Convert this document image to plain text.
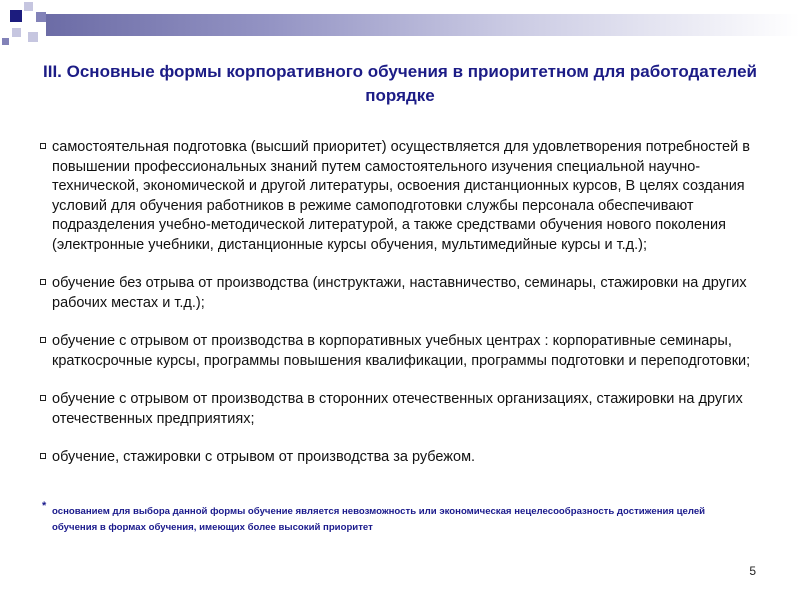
III. Основные формы корпоративного обучения в приоритетном для работодателей порядке
самостоятельная подготовка (высший приоритет) осуществляется для удовлетворения потребностей в повышении профессиональных знаний путем самостоятельного изучения специальной научно-технической, экономической и другой литературы, освоения дистанционных курсов, В целях создания условий для обучения работников в режиме самоподготовки службы персонала обеспечивают подразделения учебно-методической литературой, а также средствами обучения нового поколения (электронные учебники, дистанционные курсы обучения, мультимедийные курсы и т.д.);
обучение без отрыва от производства (инструктажи, наставничество, семинары, стажировки на других рабочих местах и т.д.);
обучение с отрывом от производства в корпоративных учебных центрах : корпоративные семинары, краткосрочные курсы, программы повышения квалификации, программы подготовки и переподготовки;
обучение с отрывом от производства в сторонних отечественных организациях, стажировки на других отечественных предприятиях;
обучение, стажировки с отрывом от производства за рубежом.
* основанием для выбора данной формы обучение является невозможность или экономическая нецелесообразность достижения целей обучения в формах обучения, имеющих более высокий приоритет
5
